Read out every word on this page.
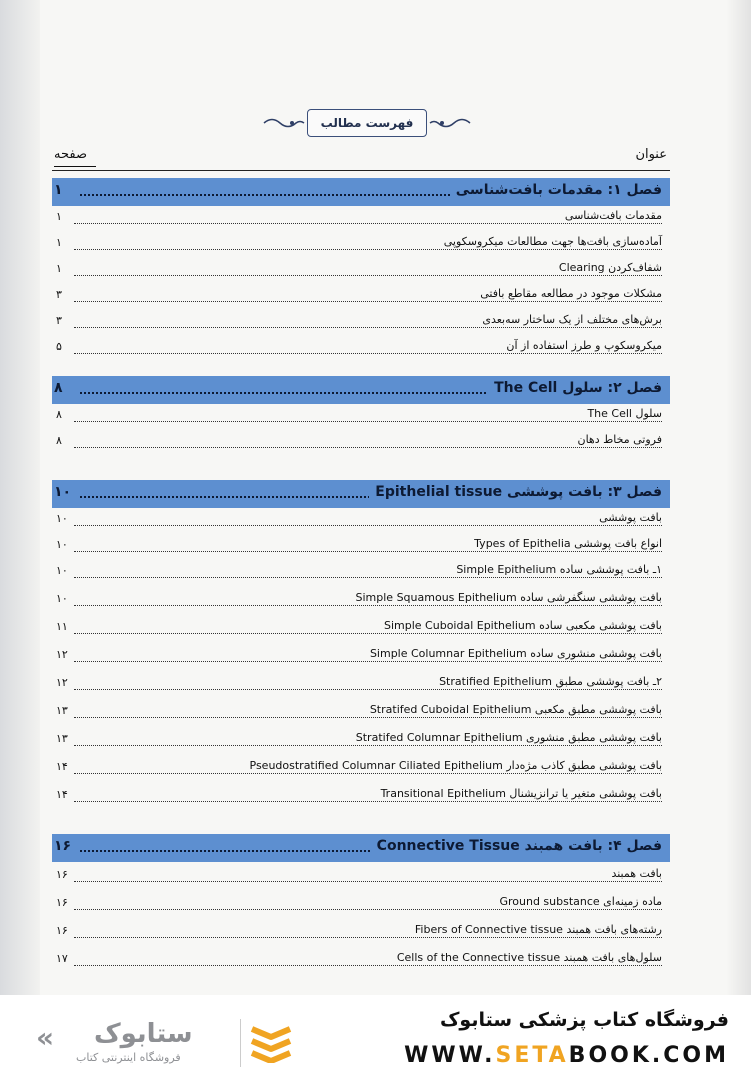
فهرست مطالب
عنوان
صفحه
فصل ۱: مقدمات بافت‌شناسی
۱
مقدمات بافت‌شناسی
۱
آماده‌سازی بافت‌ها جهت مطالعات میکروسکوپی
۱
شفاف‌کردن Clearing
۱
مشکلات موجود در مطالعه مقاطع بافتی
۳
برش‌های مختلف از یک ساختار سه‌بعدی
۳
میکروسکوپ و طرز استفاده از آن
۵
فصل ۲: سلول The Cell
۸
سلول The Cell
۸
فروتی مخاط دهان
۸
فصل ۳: بافت پوششی Epithelial tissue
۱۰
بافت پوششی
۱۰
انواع بافت پوششی Types of Epithelia
۱۰
۱ـ بافت پوششی ساده Simple Epithelium
۱۰
بافت پوششی سنگفرشی ساده Simple Squamous Epithelium
۱۰
بافت پوششی مکعبی ساده Simple Cuboidal Epithelium
۱۱
بافت پوششی منشوری ساده Simple Columnar Epithelium
۱۲
۲ـ بافت پوششی مطبق Stratified Epithelium
۱۲
بافت پوششی مطبق مکعبی Stratifed Cuboidal Epithelium
۱۳
بافت پوششی مطبق منشوری Stratifed Columnar Epithelium
۱۳
بافت پوششی مطبق کاذب مژه‌دار Pseudostratified Columnar Ciliated Epithelium
۱۴
بافت پوششی متغیر یا ترانزیشنال Transitional Epithelium
۱۴
فصل ۴: بافت همبند Connective Tissue
۱۶
بافت همبند
۱۶
ماده زمینه‌ای Ground substance
۱۶
رشته‌های بافت همبند Fibers of Connective tissue
۱۶
سلول‌های بافت همبند Cells of the Connective tissue
۱۷
« ستابوک
فروشگاه اینترنتی کتاب
فروشگاه کتاب پزشکی ستابوک
WWW.SETABOOK.COM
